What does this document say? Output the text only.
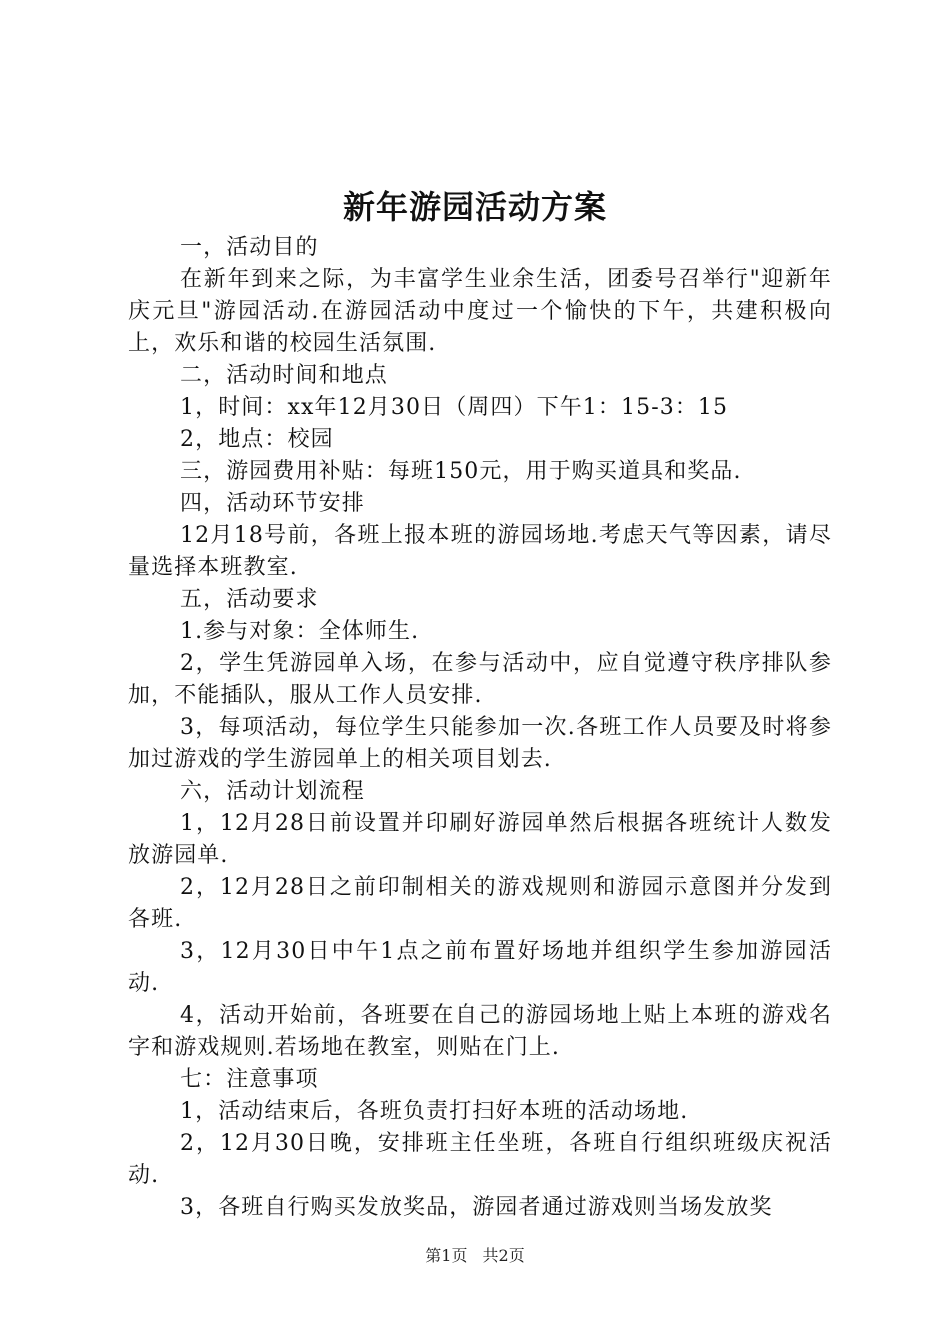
新年游园活动方案

一，活动目的

在新年到来之际，为丰富学生业余生活，团委号召举行"迎新年庆元旦"游园活动.在游园活动中度过一个愉快的下午，共建积极向上，欢乐和谐的校园生活氛围.

二，活动时间和地点

1，时间：xx年12月30日（周四）下午1：15-3：15

2，地点：校园

三，游园费用补贴：每班150元，用于购买道具和奖品.

四，活动环节安排

12月18号前，各班上报本班的游园场地.考虑天气等因素，请尽量选择本班教室.

五，活动要求

1.参与对象：全体师生.

2，学生凭游园单入场，在参与活动中，应自觉遵守秩序排队参加，不能插队，服从工作人员安排.

3，每项活动，每位学生只能参加一次.各班工作人员要及时将参加过游戏的学生游园单上的相关项目划去.

六，活动计划流程

1，12月28日前设置并印刷好游园单然后根据各班统计人数发放游园单.

2，12月28日之前印制相关的游戏规则和游园示意图并分发到各班.

3，12月30日中午1点之前布置好场地并组织学生参加游园活动.

4，活动开始前，各班要在自己的游园场地上贴上本班的游戏名字和游戏规则.若场地在教室，则贴在门上.

七：注意事项

1，活动结束后，各班负责打扫好本班的活动场地.

2，12月30日晚，安排班主任坐班，各班自行组织班级庆祝活动.

3，各班自行购买发放奖品，游园者通过游戏则当场发放奖

第1页 共2页
